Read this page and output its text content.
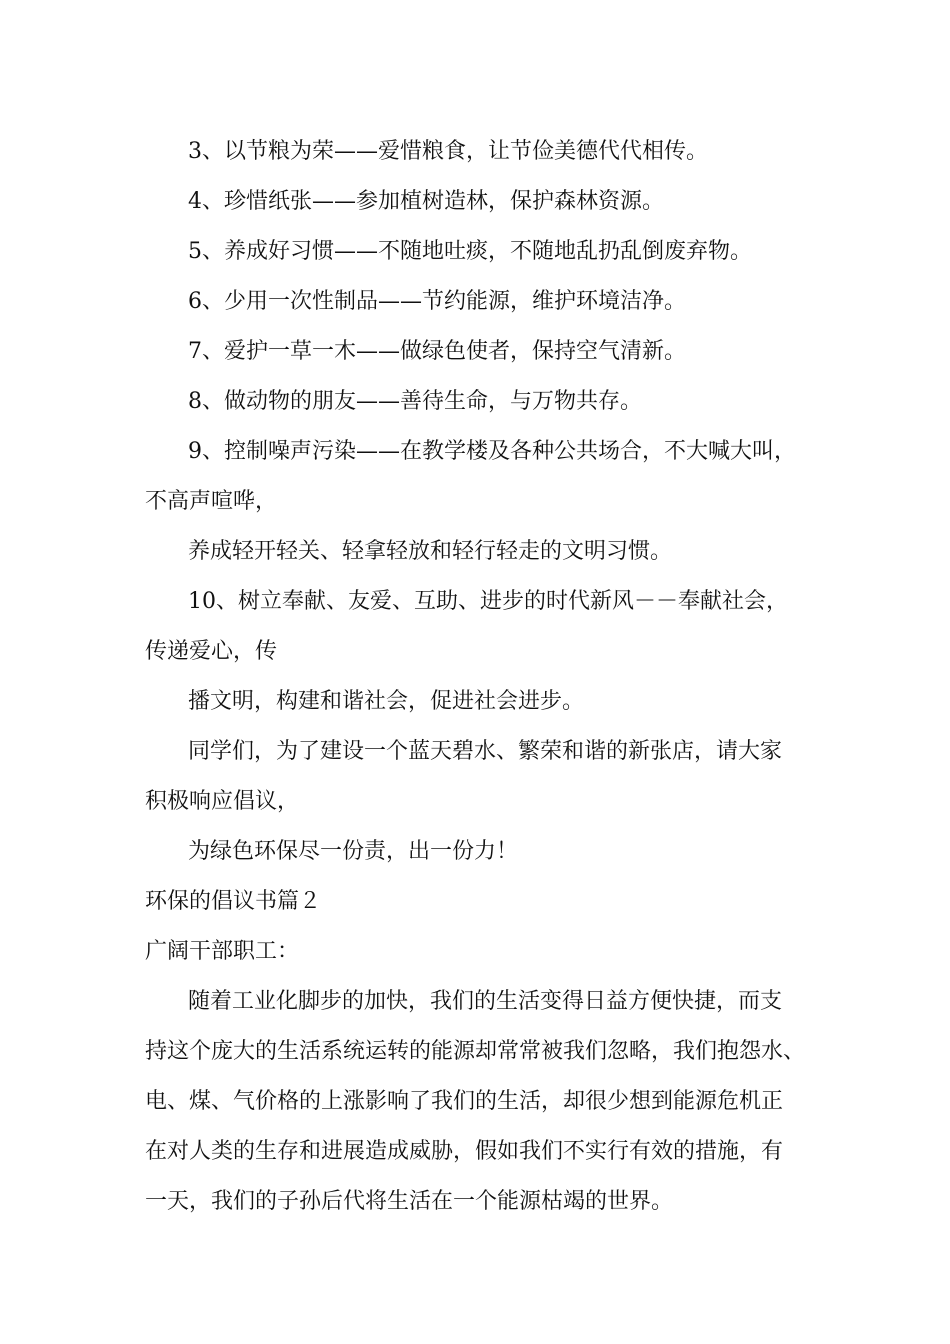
3、以节粮为荣——爱惜粮食，让节俭美德代代相传。
4、珍惜纸张——参加植树造林，保护森林资源。
5、养成好习惯——不随地吐痰，不随地乱扔乱倒废弃物。
6、少用一次性制品——节约能源，维护环境洁净。
7、爱护一草一木——做绿色使者，保持空气清新。
8、做动物的朋友——善待生命，与万物共存。
9、控制噪声污染——在教学楼及各种公共场合，不大喊大叫，
不高声喧哗，
养成轻开轻关、轻拿轻放和轻行轻走的文明习惯。
10、树立奉献、友爱、互助、进步的时代新风－－奉献社会，
传递爱心，传
播文明，构建和谐社会，促进社会进步。
同学们，为了建设一个蓝天碧水、繁荣和谐的新张店，请大家
积极响应倡议，
为绿色环保尽一份责，出一份力！
环保的倡议书篇２
广阔干部职工：
随着工业化脚步的加快，我们的生活变得日益方便快捷，而支
持这个庞大的生活系统运转的能源却常常被我们忽略，我们抱怨水、
电、煤、气价格的上涨影响了我们的生活，却很少想到能源危机正
在对人类的生存和进展造成威胁，假如我们不实行有效的措施，有
一天，我们的子孙后代将生活在一个能源枯竭的世界。
